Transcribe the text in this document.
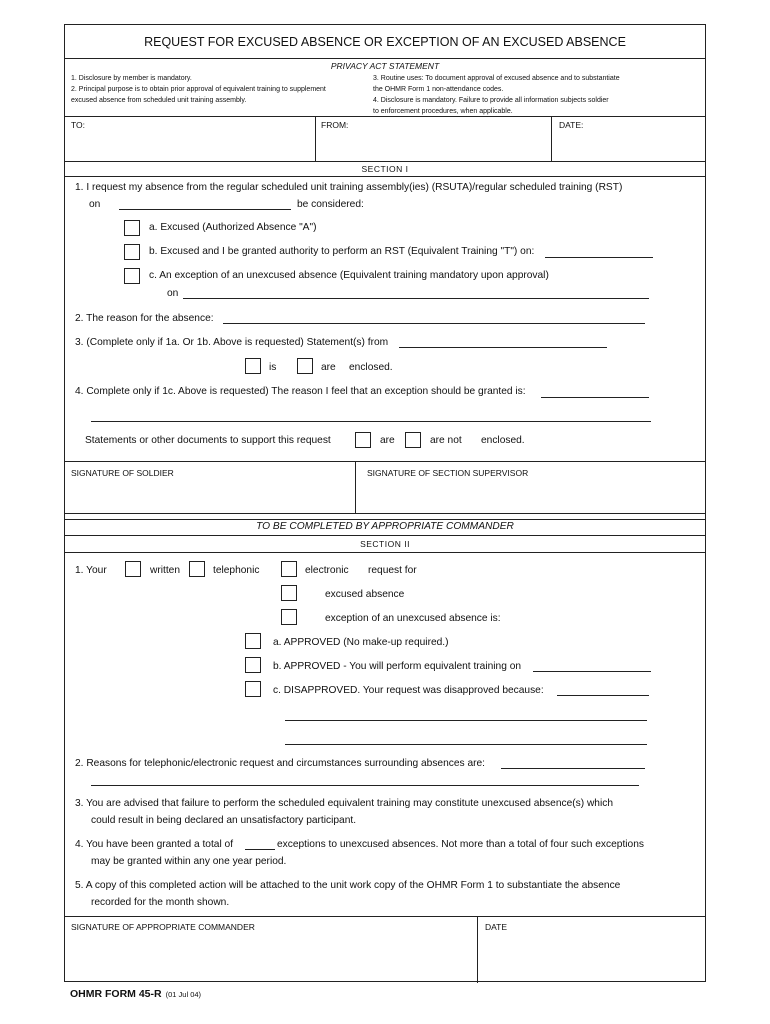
REQUEST FOR EXCUSED ABSENCE OR EXCEPTION OF AN EXCUSED ABSENCE
PRIVACY ACT STATEMENT
1. Disclosure by member is mandatory.
2. Principal purpose is to obtain prior approval of equivalent training to supplement
excused absence from scheduled unit training assembly.
3. Routine uses: To document approval of excused absence and to substantiate
the OHMR Form 1 non-attendance codes.
4. Disclosure is mandatory. Failure to provide all information subjects soldier
to enforcement procedures, when applicable.
TO:	FROM:	DATE:
SECTION I
1. I request my absence from the regular scheduled unit training assembly(ies) (RSUTA)/regular scheduled training (RST)
on	be considered:
a. Excused (Authorized Absence "A")
b. Excused and I be granted authority to perform an RST (Equivalent Training "T") on:
c. An exception of an unexcused absence (Equivalent training mandatory upon approval)
on
2. The reason for the absence:
3. (Complete only if 1a. Or 1b. Above is requested) Statement(s) from
is	are enclosed.
4. Complete only if 1c. Above is requested) The reason I feel that an exception should be granted is:
Statements or other documents to support this request	are	are not enclosed.
SIGNATURE OF SOLDIER	SIGNATURE OF SECTION SUPERVISOR
TO BE COMPLETED BY APPROPRIATE COMMANDER
SECTION II
1. Your	written	telephonic	electronic request for
excused absence
exception of an unexcused absence is:
a. APPROVED (No make-up required.)
b. APPROVED - You will perform equivalent training on
c. DISAPPROVED. Your request was disapproved because:
2. Reasons for telephonic/electronic request and circumstances surrounding absences are:
3. You are advised that failure to perform the scheduled equivalent training may constitute unexcused absence(s) which
could result in being declared an unsatisfactory participant.
4. You have been granted a total of	exceptions to unexcused absences. Not more than a total of four such exceptions
may be granted within any one year period.
5. A copy of this completed action will be attached to the unit work copy of the OHMR Form 1 to substantiate the absence
recorded for the month shown.
SIGNATURE OF APPROPRIATE COMMANDER	DATE
OHMR FORM 45-R (01 Jul 04)
